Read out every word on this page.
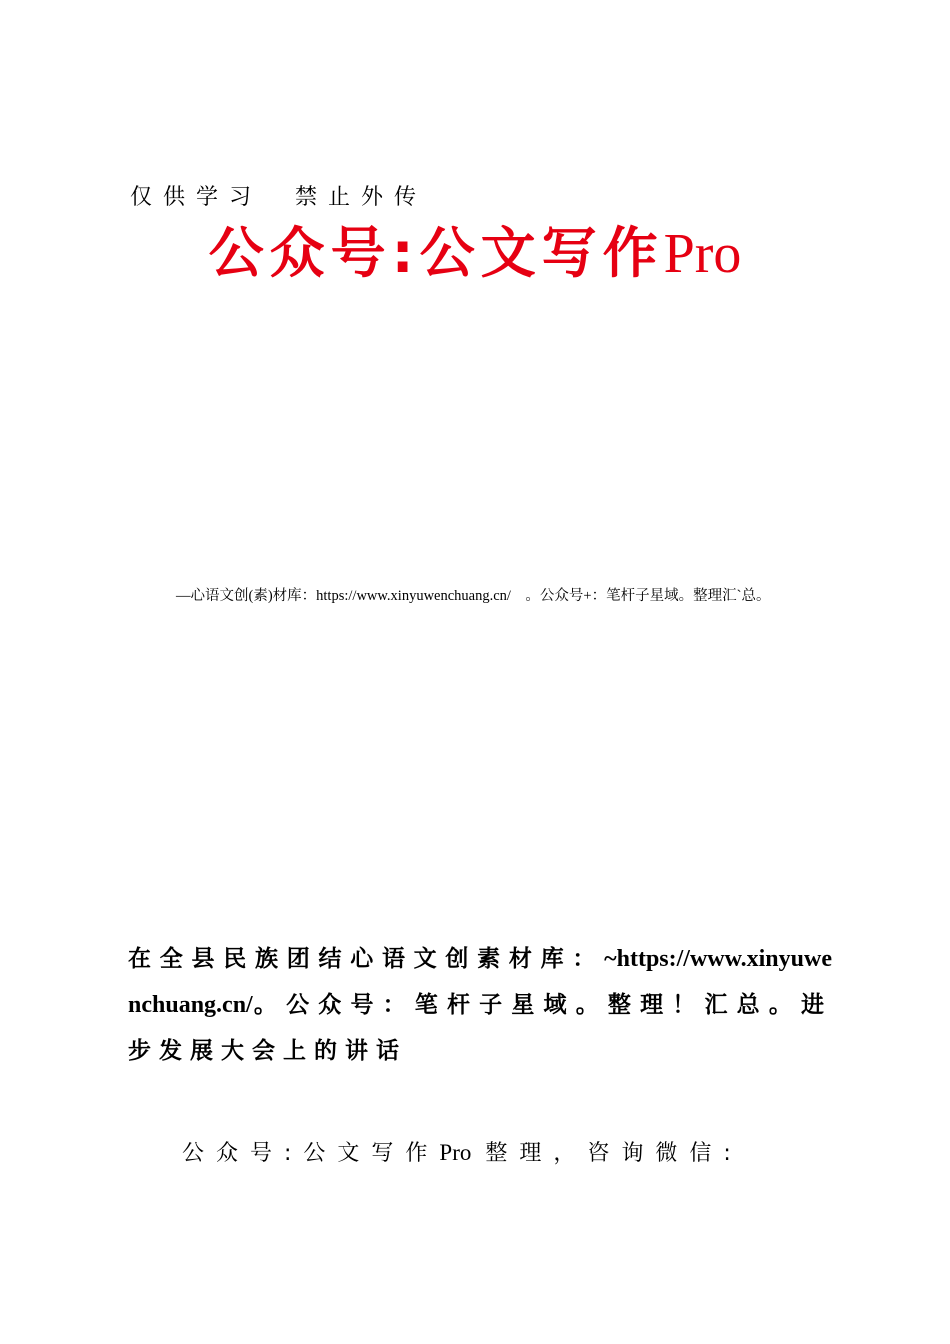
仅供学习　禁止外传
公众号:公文写作Pro
—心语文创(素)材库：https://www.xinyuwenchuang.cn/　。公众号+：笔杆子星域。整理汇`总。
在全县民族团结心语文创素材库：~https://www.xinyuwenchuang.cn/。公众号：笔杆子星域。整理！汇总。进步发展大会上的讲话
公众号:公文写作Pro 整理，咨询微信:
